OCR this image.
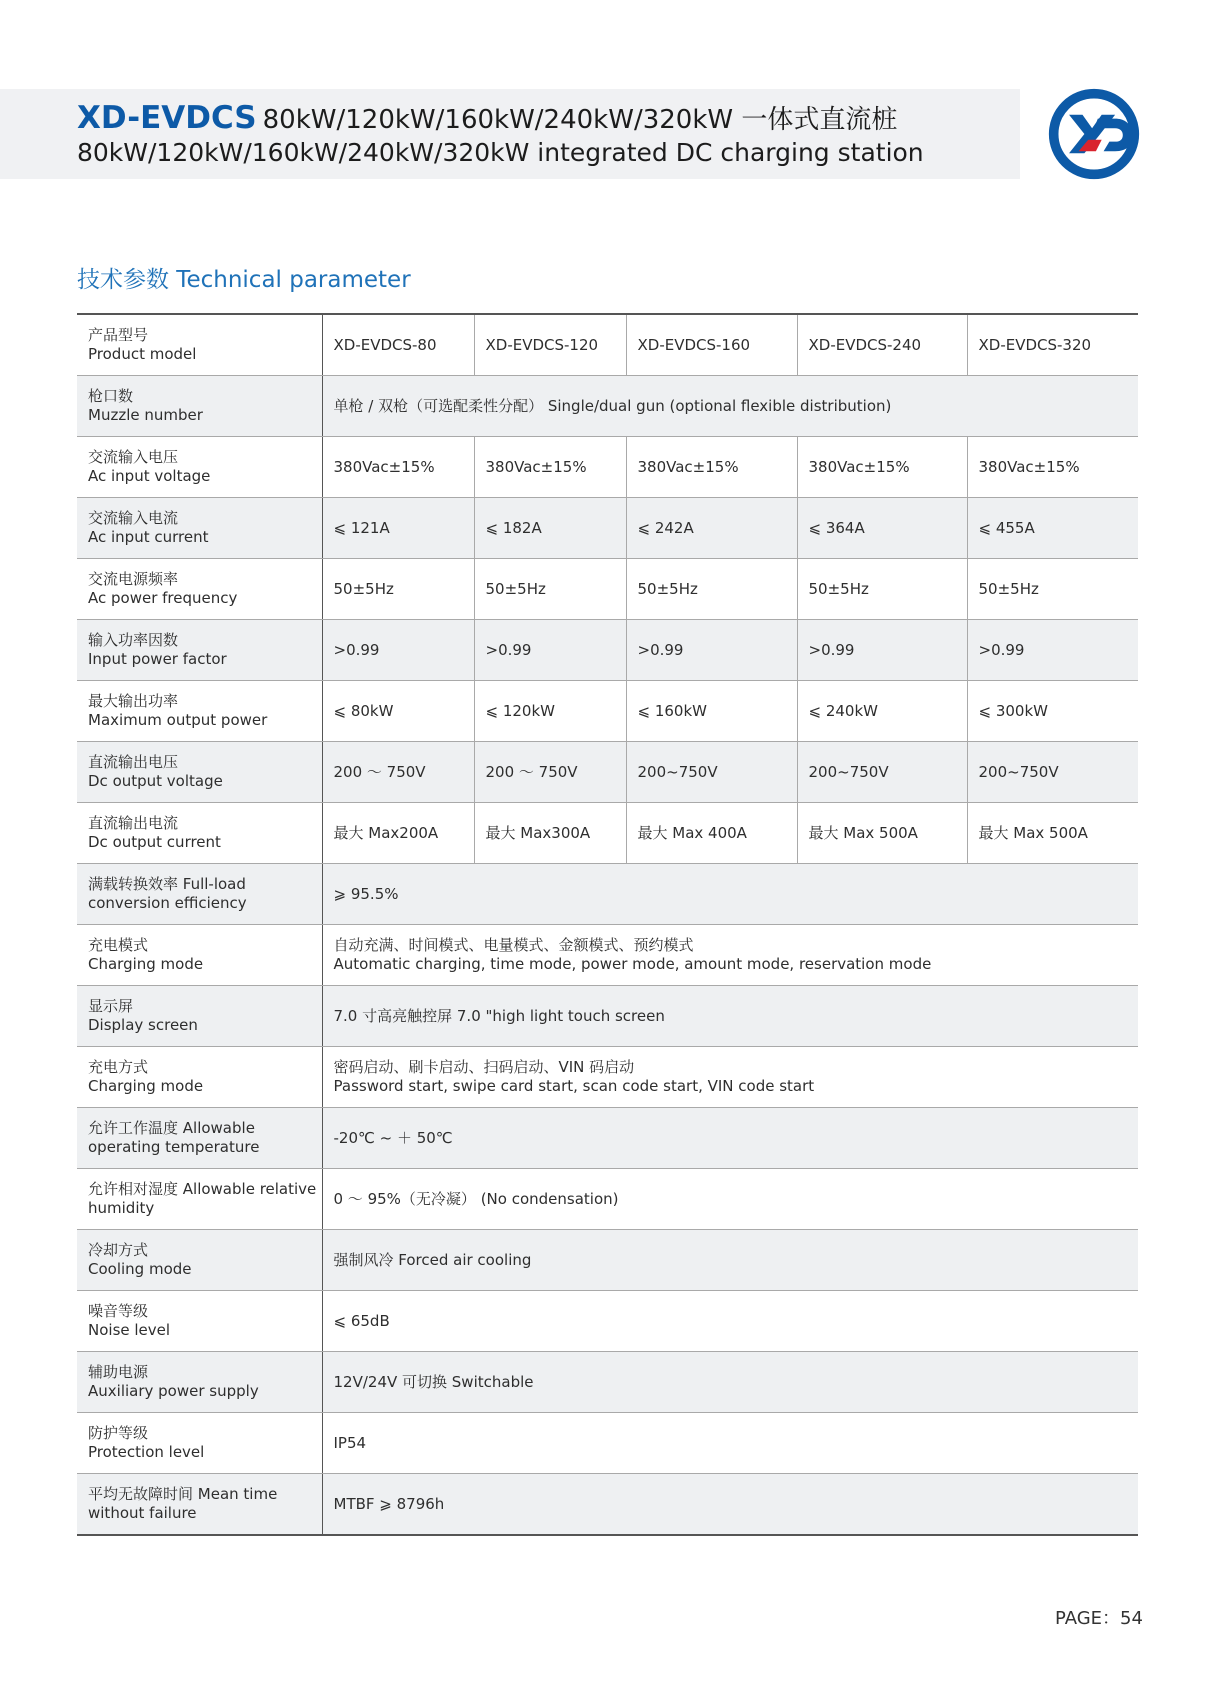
XD-EVDCS 80kW/120kW/160kW/240kW/320kW 一体式直流桩
80kW/120kW/160kW/240kW/320kW integrated DC charging station
技术参数 Technical parameter
产品型号
Product model	XD-EVDCS-80	XD-EVDCS-120	XD-EVDCS-160	XD-EVDCS-240	XD-EVDCS-320

枪口数
Muzzle number	单枪 / 双枪（可选配柔性分配） Single/dual gun (optional flexible distribution)				

交流输入电压
Ac input voltage	380Vac±15%	380Vac±15%	380Vac±15%	380Vac±15%	380Vac±15%

交流输入电流
Ac input current	⩽ 121A	⩽ 182A	⩽ 242A	⩽ 364A	⩽ 455A

交流电源频率
Ac power frequency	50±5Hz	50±5Hz	50±5Hz	50±5Hz	50±5Hz

输入功率因数
Input power factor	>0.99	>0.99	>0.99	>0.99	>0.99

最大输出功率
Maximum output power	⩽ 80kW	⩽ 120kW	⩽ 160kW	⩽ 240kW	⩽ 300kW

直流输出电压
Dc output voltage	200 ～ 750V	200 ～ 750V	200~750V	200~750V	200~750V

直流输出电流
Dc output current	最大 Max200A	最大 Max300A	最大 Max 400A	最大 Max 500A	最大 Max 500A

满载转换效率 Full-load
conversion efficiency	⩾ 95.5%				

充电模式
Charging mode	自动充满、时间模式、电量模式、金额模式、预约模式
Automatic charging, time mode, power mode, amount mode, reservation mode				

显示屏
Display screen	7.0 寸高亮触控屏 7.0 "high light touch screen				

充电方式
Charging mode	密码启动、刷卡启动、扫码启动、VIN 码启动
Password start, swipe card start, scan code start, VIN code start				

允许工作温度 Allowable
operating temperature	-20℃ ~ ＋ 50℃				

允许相对湿度 Allowable relative
humidity	0 ～ 95%（无冷凝） (No condensation)				

冷却方式
Cooling mode	强制风冷 Forced air cooling				

噪音等级
Noise level	⩽ 65dB				

辅助电源
Auxiliary power supply	12V/24V 可切换 Switchable				

防护等级
Protection level	IP54				

平均无故障时间 Mean time
without failure	MTBF ⩾ 8796h				
PAGE：54
